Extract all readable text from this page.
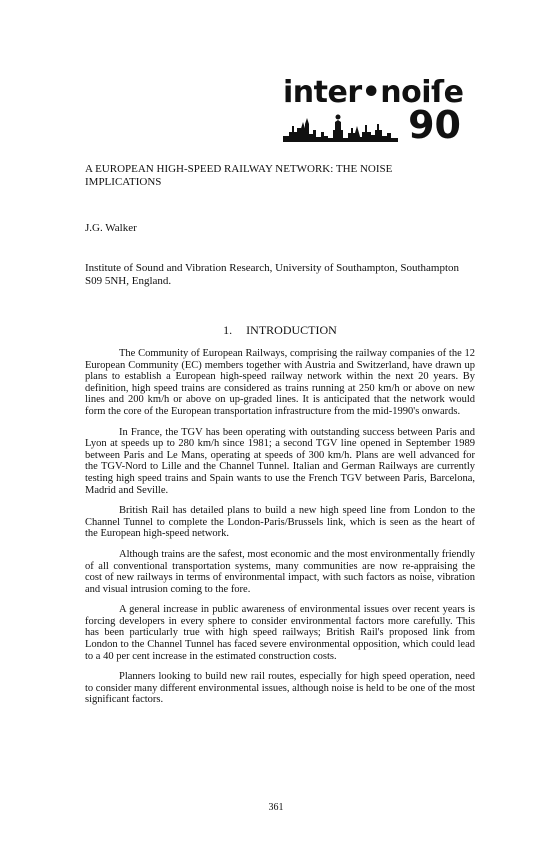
inter•noiſe
90
A EUROPEAN HIGH-SPEED RAILWAY NETWORK: THE NOISE IMPLICATIONS

J.G. Walker

Institute of Sound and Vibration Research, University of Southampton, Southampton S09 5NH, England.

1. INTRODUCTION

The Community of European Railways, comprising the railway companies of the 12 European Community (EC) members together with Austria and Switzerland, have drawn up plans to establish a European high-speed railway network within the next 20 years. By definition, high speed trains are considered as trains running at 250 km/h or above on new lines and 200 km/h or above on up-graded lines. It is anticipated that the network would form the core of the European transportation infrastructure from the mid-1990's onwards.

In France, the TGV has been operating with outstanding success between Paris and Lyon at speeds up to 280 km/h since 1981; a second TGV line opened in September 1989 between Paris and Le Mans, operating at speeds of 300 km/h. Plans are well advanced for the TGV-Nord to Lille and the Channel Tunnel. Italian and German Railways are currently testing high speed trains and Spain wants to use the French TGV between Paris, Barcelona, Madrid and Seville.

British Rail has detailed plans to build a new high speed line from London to the Channel Tunnel to complete the London-Paris/Brussels link, which is seen as the heart of the European high-speed network.

Although trains are the safest, most economic and the most environmentally friendly of all conventional transportation systems, many communities are now re-appraising the cost of new railways in terms of environmental impact, with such factors as noise, vibration and visual intrusion coming to the fore.

A general increase in public awareness of environmental issues over recent years is forcing developers in every sphere to consider environmental factors more carefully. This has been particularly true with high speed railways; British Rail's proposed link from London to the Channel Tunnel has faced severe environmental opposition, which could lead to a 40 per cent increase in the estimated construction costs.

Planners looking to build new rail routes, especially for high speed operation, need to consider many different environmental issues, although noise is held to be one of the most significant factors.

361
